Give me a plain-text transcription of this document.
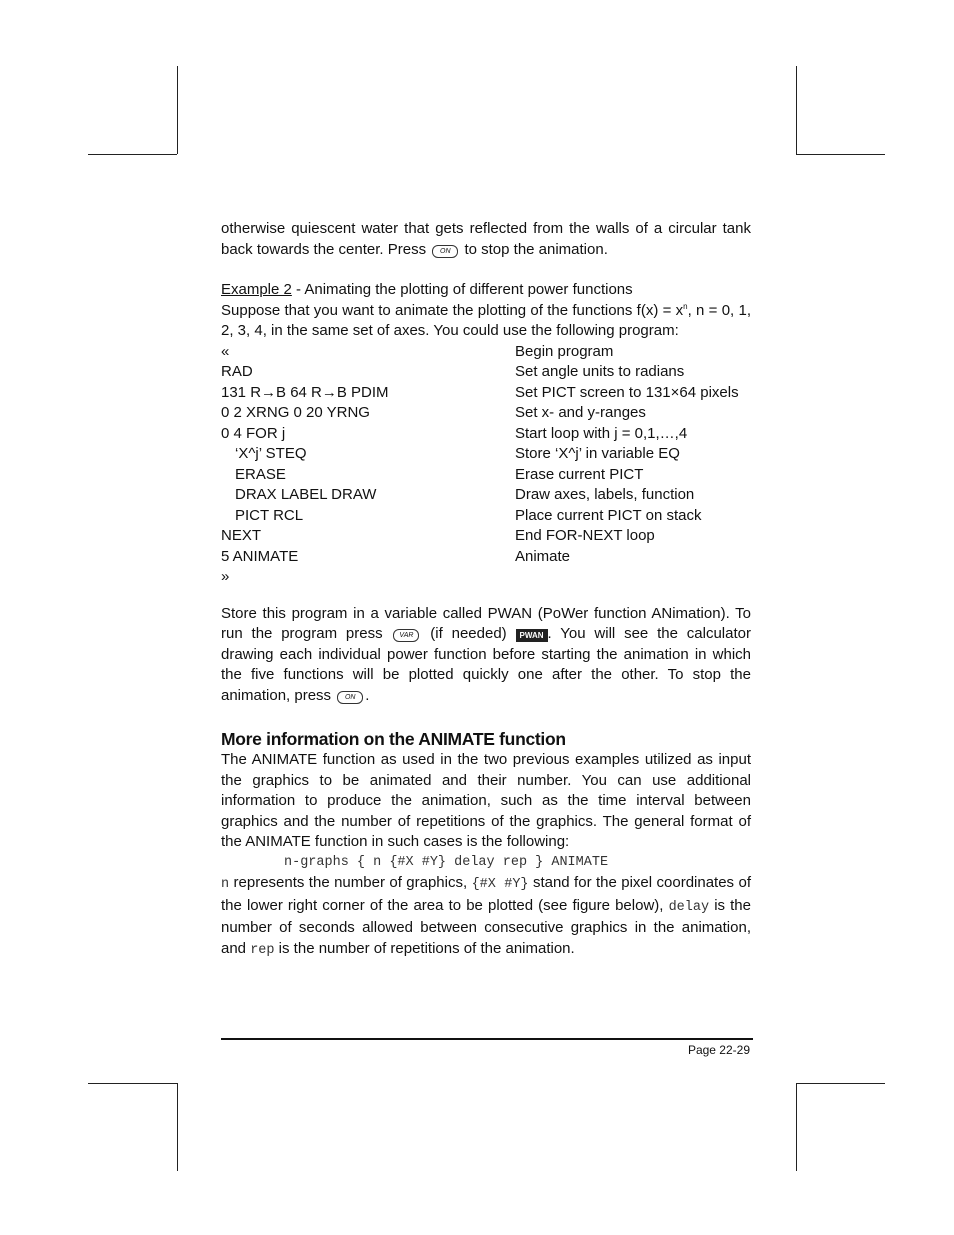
otherwise quiescent water that gets reflected from the walls of a circular tank back towards the center. Press ON to stop the animation.

Example 2 - Animating the plotting of different power functions

Suppose that you want to animate the plotting of the functions $f(x) = x^n$, n = 0, 1, 2, 3, 4, in the same set of axes. You could use the following program:

«	Begin program
RAD	Set angle units to radians
131 R→B 64 R→B PDIM	Set PICT screen to 131×64 pixels
0 2 XRNG 0 20 YRNG	Set x- and y-ranges
0 4 FOR j	Start loop with j = 0,1,…,4
‘X^j’ STEQ	Store ‘X^j’ in variable EQ
ERASE	Erase current PICT
DRAX LABEL DRAW	Draw axes, labels, function
PICT RCL	Place current PICT on stack
NEXT	End FOR-NEXT loop
5 ANIMATE	Animate
»	

Store this program in a variable called PWAN (PoWer function ANimation). To run the program press VAR (if needed) PWAN . You will see the calculator drawing each individual power function before starting the animation in which the five functions will be plotted quickly one after the other. To stop the animation, press ON .

More information on the ANIMATE function

The ANIMATE function as used in the two previous examples utilized as input the graphics to be animated and their number. You can use additional information to produce the animation, such as the time interval between graphics and the number of repetitions of the graphics. The general format of the ANIMATE function in such cases is the following:

n-graphs { n {#X #Y} delay rep } ANIMATE

n represents the number of graphics, {#X #Y} stand for the pixel coordinates of the lower right corner of the area to be plotted (see figure below), delay is the number of seconds allowed between consecutive graphics in the animation, and rep is the number of repetitions of the animation.

Page 22-29
